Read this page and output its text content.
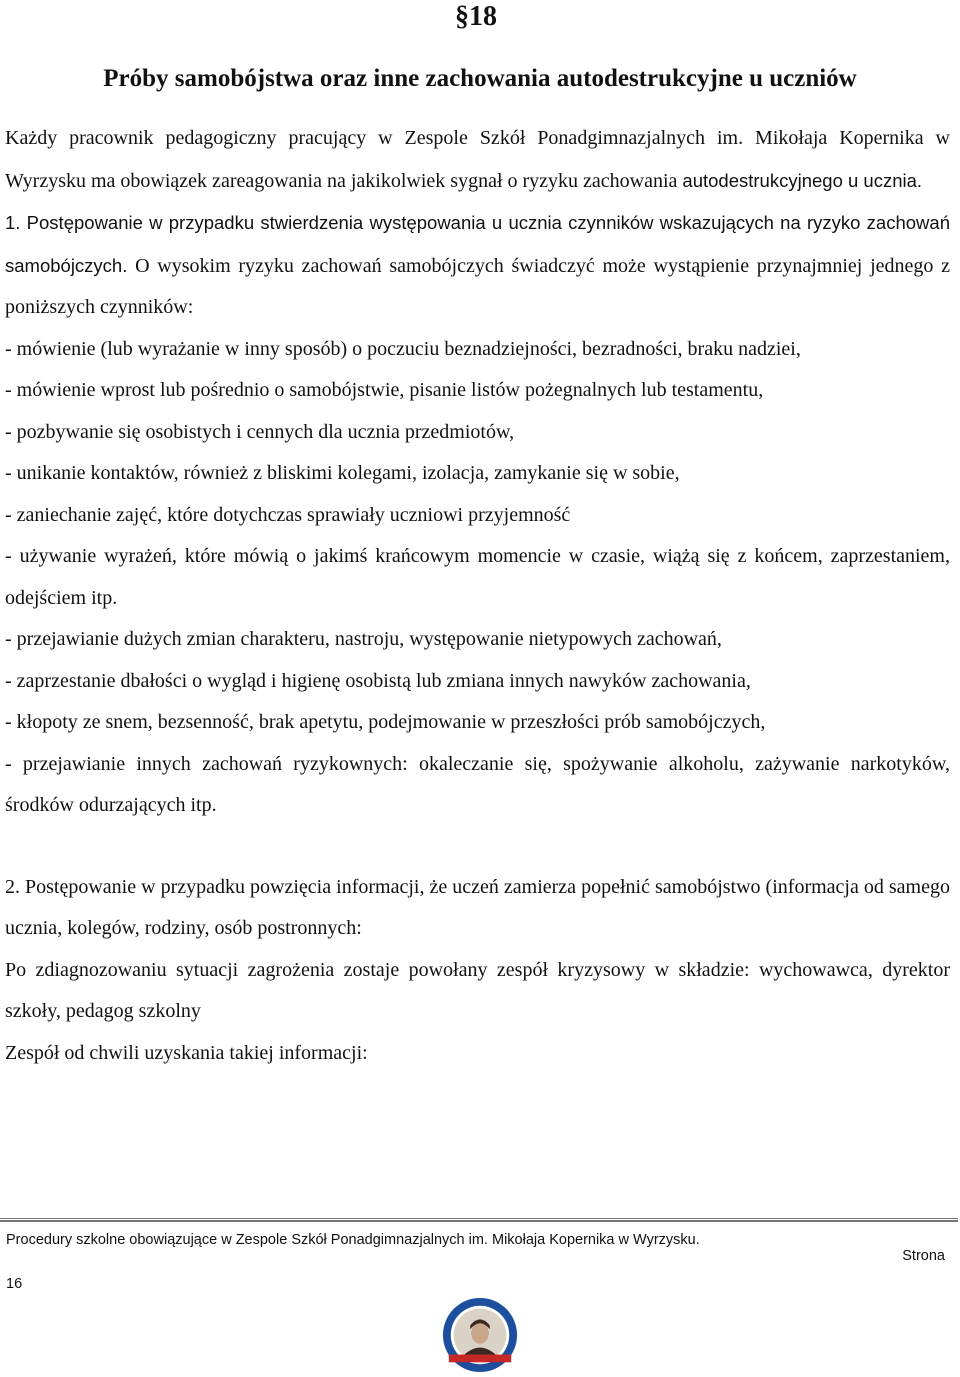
§18
Próby samobójstwa oraz inne zachowania autodestrukcyjne u uczniów

Każdy pracownik pedagogiczny pracujący w Zespole Szkół Ponadgimnazjalnych im. Mikołaja Kopernika w Wyrzysku ma obowiązek zareagowania na jakikolwiek sygnał o ryzyku zachowania autodestrukcyjnego u ucznia.

1. Postępowanie w przypadku stwierdzenia występowania u ucznia czynników wskazujących na ryzyko zachowań samobójczych. O wysokim ryzyku zachowań samobójczych świadczyć może wystąpienie przynajmniej jednego z poniższych czynników:

- mówienie (lub wyrażanie w inny sposób) o poczuciu beznadziejności, bezradności, braku nadziei,

- mówienie wprost lub pośrednio o samobójstwie, pisanie listów pożegnalnych lub testamentu,

- pozbywanie się osobistych i cennych dla ucznia przedmiotów,

- unikanie kontaktów, również z bliskimi kolegami, izolacja, zamykanie się w sobie,

- zaniechanie zajęć, które dotychczas sprawiały uczniowi przyjemność

- używanie wyrażeń, które mówią o jakimś krańcowym momencie w czasie, wiążą się z końcem, zaprzestaniem, odejściem itp.

- przejawianie dużych zmian charakteru, nastroju, występowanie nietypowych zachowań,

- zaprzestanie dbałości o wygląd i higienę osobistą lub zmiana innych nawyków zachowania,

- kłopoty ze snem, bezsenność, brak apetytu, podejmowanie w przeszłości prób samobójczych,

- przejawianie innych zachowań ryzykownych: okaleczanie się, spożywanie alkoholu, zażywanie narkotyków, środków odurzających itp.

2. Postępowanie w przypadku powzięcia informacji, że uczeń zamierza popełnić samobójstwo (informacja od samego ucznia, kolegów, rodziny, osób postronnych:

Po zdiagnozowaniu sytuacji zagrożenia zostaje powołany zespół kryzysowy w składzie: wychowawca, dyrektor szkoły, pedagog szkolny

Zespół od chwili uzyskania takiej informacji:

Procedury szkolne obowiązujące w Zespole Szkół Ponadgimnazjalnych im. Mikołaja Kopernika w Wyrzysku.
Strona
16
